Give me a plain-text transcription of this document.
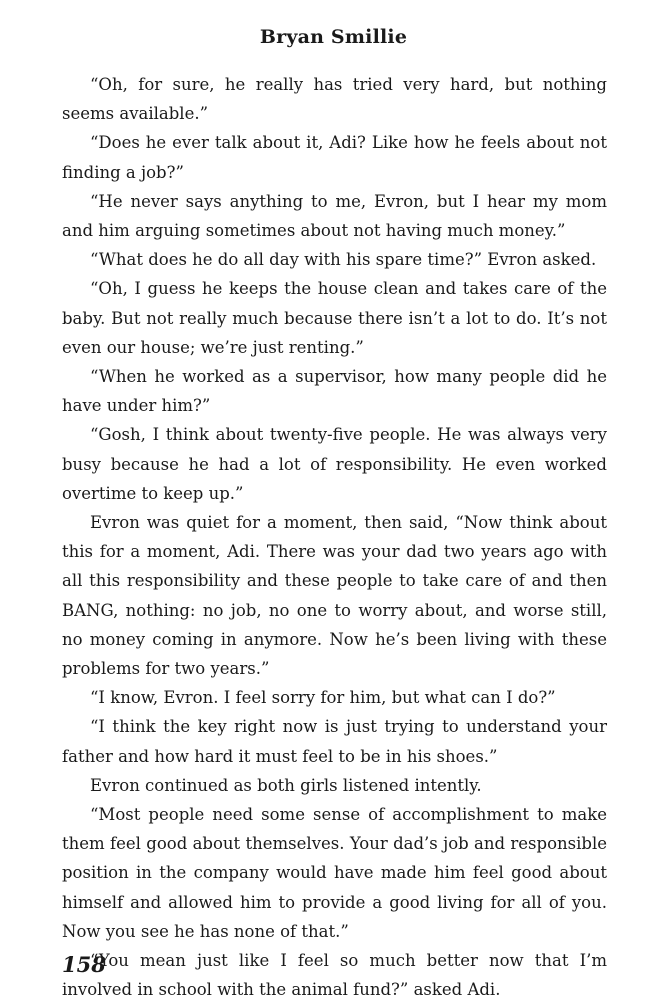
Bryan Smillie

“Oh, for sure, he really has tried very hard, but nothing seems available.”

“Does he ever talk about it, Adi? Like how he feels about not finding a job?”

“He never says anything to me, Evron, but I hear my mom and him arguing sometimes about not having much money.”

“What does he do all day with his spare time?” Evron asked.

“Oh, I guess he keeps the house clean and takes care of the baby. But not really much because there isn’t a lot to do. It’s not even our house; we’re just renting.”

“When he worked as a supervisor, how many people did he have under him?”

“Gosh, I think about twenty-five people. He was always very busy because he had a lot of responsibility. He even worked overtime to keep up.”

Evron was quiet for a moment, then said, “Now think about this for a moment, Adi. There was your dad two years ago with all this responsibility and these people to take care of and then BANG, nothing: no job, no one to worry about, and worse still, no money coming in anymore. Now he’s been living with these problems for two years.”

“I know, Evron. I feel sorry for him, but what can I do?”

“I think the key right now is just trying to understand your father and how hard it must feel to be in his shoes.”

Evron continued as both girls listened intently.

“Most people need some sense of accomplishment to make them feel good about themselves. Your dad’s job and responsible position in the company would have made him feel good about himself and allowed him to provide a good living for all of you. Now you see he has none of that.”

“You mean just like I feel so much better now that I’m involved in school with the animal fund?” asked Adi.

158
